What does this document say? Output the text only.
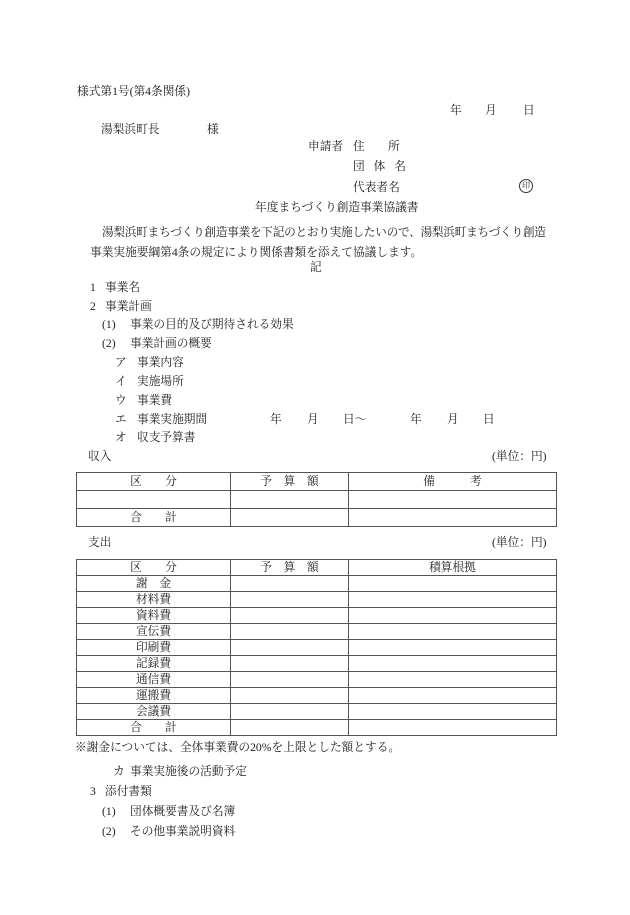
様式第1号(第4条関係)
年 月 日
湯梨浜町長	様
申請者 住　　所
団 体 名
代表者名	印
年度まちづくり創造事業協議書
湯梨浜町まちづくり創造事業を下記のとおり実施したいので、湯梨浜町まちづくり創造
事業実施要綱第4条の規定により関係書類を添えて協議します。
記
1 事業名
2 事業計画
(1) 事業の目的及び期待される効果
(2) 事業計画の概要
ア 事業内容
イ 実施場所
ウ 事業費
エ 事業実施期間	年 月 日～	年 月 日
オ 収支予算書
収入	(単位：円)
区　　分	予　算　額	備　　　考

合　　計		
支出	(単位：円)
区　　分	予　算　額	積算根拠
謝　金		
材料費		
資料費		
宣伝費		
印刷費		
記録費		
通信費		
運搬費		
会議費		
合　　計		
※謝金については、全体事業費の20%を上限とした額とする。
カ 事業実施後の活動予定
3 添付書類
(1) 団体概要書及び名簿
(2) その他事業説明資料
